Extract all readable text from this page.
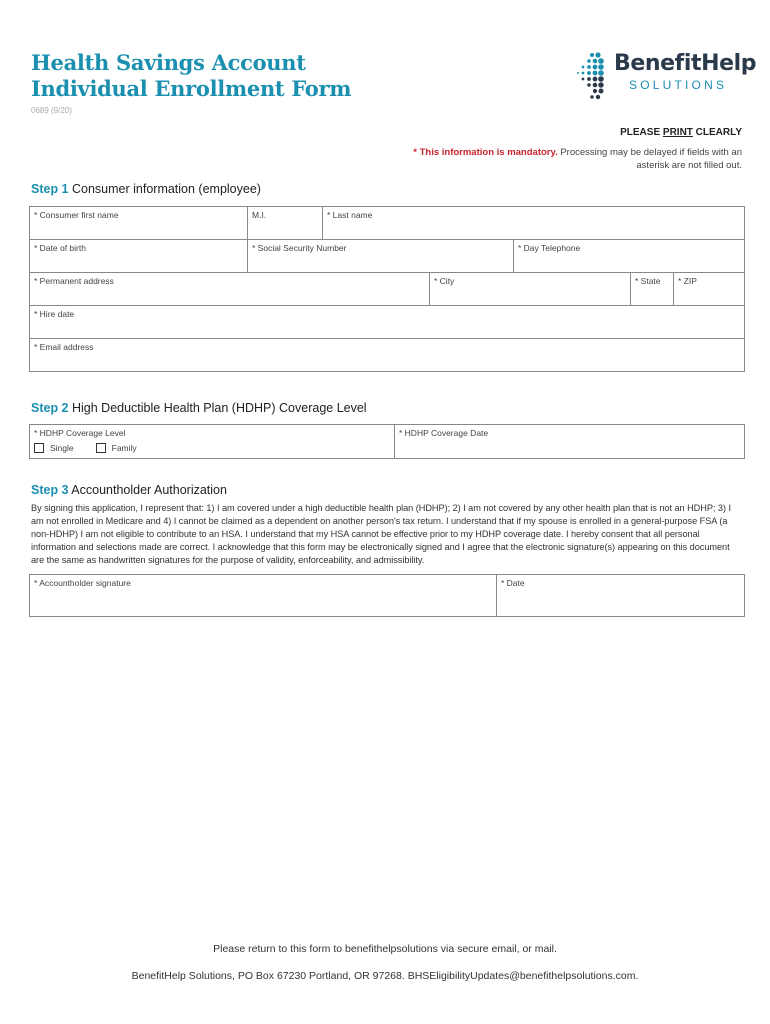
Health Savings Account
Individual Enrollment Form
0689 (9/20)
BenefitHelp
SOLUTIONS
PLEASE PRINT CLEARLY
* This information is mandatory. Processing may be delayed if fields with an asterisk are not filled out.
Step 1 Consumer information (employee)
* Consumer first name	M.I.	* Last name
* Date of birth	* Social Security Number	* Day Telephone
* Permanent address	* City	* State	* ZIP
* Hire date
* Email address
Step 2 High Deductible Health Plan (HDHP) Coverage Level
* HDHP Coverage Level
Single	Family
* HDHP Coverage Date
Step 3 Accountholder Authorization
By signing this application, I represent that: 1) I am covered under a high deductible health plan (HDHP); 2) I am not covered by any other health plan that is not an HDHP; 3) I am not enrolled in Medicare and 4) I cannot be claimed as a dependent on another person's tax return. I understand that if my spouse is enrolled in a general-purpose FSA (a non-HDHP) I am not eligible to contribute to an HSA. I understand that my HSA cannot be effective prior to my HDHP coverage date. I hereby consent that all personal information and selections made are correct. I acknowledge that this form may be electronically signed and I agree that the electronic signature(s) appearing on this document are the same as handwritten signatures for the purpose of validity, enforceability, and admissibility.
* Accountholder signature	* Date
Please return to this form to benefithelpsolutions via secure email, or mail.
BenefitHelp Solutions, PO Box 67230 Portland, OR 97268. BHSEligibilityUpdates@benefithelpsolutions.com.
